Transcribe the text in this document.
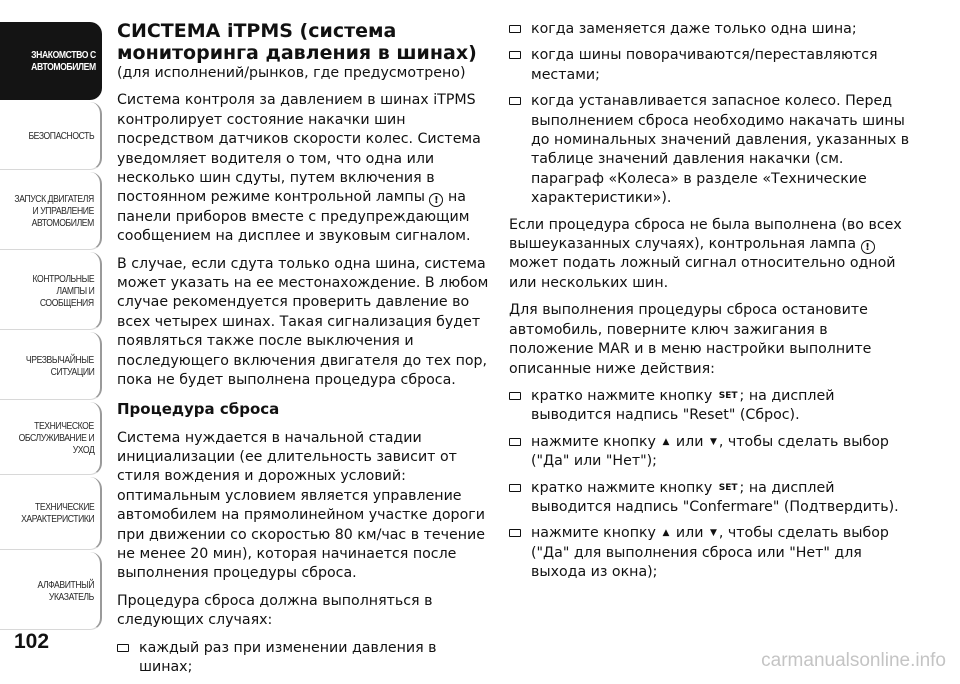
ЗНАКОМСТВО С
АВТОМОБИЛЕМ
БЕЗОПАСНОСТЬ
ЗАПУСК ДВИГАТЕЛЯ
И УПРАВЛЕНИЕ
АВТОМОБИЛЕМ
КОНТРОЛЬНЫЕ
ЛАМПЫ И
СООБЩЕНИЯ
ЧРЕЗВЫЧАЙНЫЕ
СИТУАЦИИ
ТЕХНИЧЕСКОЕ
ОБСЛУЖИВАНИЕ И
УХОД
ТЕХНИЧЕСКИЕ
ХАРАКТЕРИСТИКИ
АЛФАВИТНЫЙ
УКАЗАТЕЛЬ
102
СИСТЕМА iTPMS (система мониторинга давления в шинах)

(для исполнений/рынков, где предусмотрено)

Система контроля за давлением в шинах iTPMS контролирует состояние накачки шин посредством датчиков скорости колес. Система уведомляет водителя о том, что одна или несколько шин сдуты, путем включения в постоянном режиме контрольной лампы ! на панели приборов вместе с предупреждающим сообщением на дисплее и звуковым сигналом.

В случае, если сдута только одна шина, система может указать на ее местонахождение. В любом случае рекомендуется проверить давление во всех четырех шинах. Такая сигнализация будет появляться также после выключения и последующего включения двигателя до тех пор, пока не будет выполнена процедура сброса.

Процедура сброса

Система нуждается в начальной стадии инициализации (ее длительность зависит от стиля вождения и дорожных условий: оптимальным условием является управление автомобилем на прямолинейном участке дороги при движении со скоростью 80 км/час в течение не менее 20 мин), которая начинается после выполнения процедуры сброса.

Процедура сброса должна выполняться в следующих случаях:

каждый раз при изменении давления в шинах;
когда заменяется даже только одна шина;
когда шины поворачиваются/переставляются местами;
когда устанавливается запасное колесо. Перед выполнением сброса необходимо накачать шины до номинальных значений давления, указанных в таблице значений давления накачки (см. параграф «Колеса» в разделе «Технические характеристики»).

Если процедура сброса не была выполнена (во всех вышеуказанных случаях), контрольная лампа ! может подать ложный сигнал относительно одной или нескольких шин.

Для выполнения процедуры сброса остановите автомобиль, поверните ключ зажигания в положение MAR и в меню настройки выполните описанные ниже действия:

кратко нажмите кнопку SET ; на дисплей выводится надпись "Reset" (Сброс).
нажмите кнопку ▲ или ▼ , чтобы сделать выбор ("Да" или "Нет");
кратко нажмите кнопку SET ; на дисплей выводится надпись "Confermare" (Подтвердить).
нажмите кнопку ▲ или ▼ , чтобы сделать выбор ("Да" для выполнения сброса или "Нет" для выхода из окна);
carmanualsonline.info
